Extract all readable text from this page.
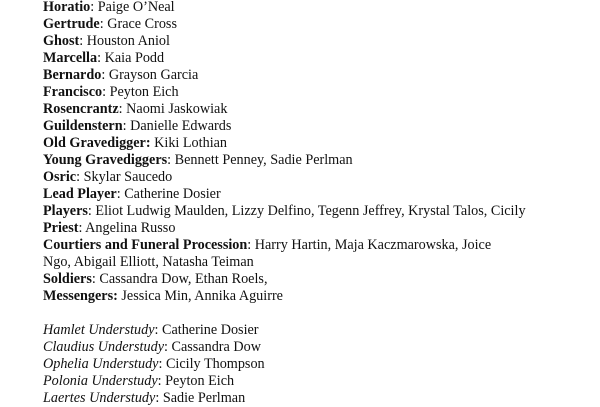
Horatio: Paige O’Neal
Gertrude: Grace Cross
Ghost: Houston Aniol
Marcella: Kaia Podd
Bernardo: Grayson Garcia
Francisco: Peyton Eich
Rosencrantz: Naomi Jaskowiak
Guildenstern: Danielle Edwards
Old Gravedigger: Kiki Lothian
Young Gravediggers: Bennett Penney, Sadie Perlman
Osric: Skylar Saucedo
Lead Player: Catherine Dosier
Players: Eliot Ludwig Maulden, Lizzy Delfino, Tegenn Jeffrey, Krystal Talos, Cicily
Priest: Angelina Russo
Courtiers and Funeral Procession: Harry Hartin, Maja Kaczmarowska, Joice Ngo, Abigail Elliott, Natasha Teiman
Soldiers: Cassandra Dow, Ethan Roels,
Messengers: Jessica Min, Annika Aguirre
Hamlet Understudy: Catherine Dosier
Claudius Understudy: Cassandra Dow
Ophelia Understudy: Cicily Thompson
Polonia Understudy: Peyton Eich
Laertes Understudy: Sadie Perlman
